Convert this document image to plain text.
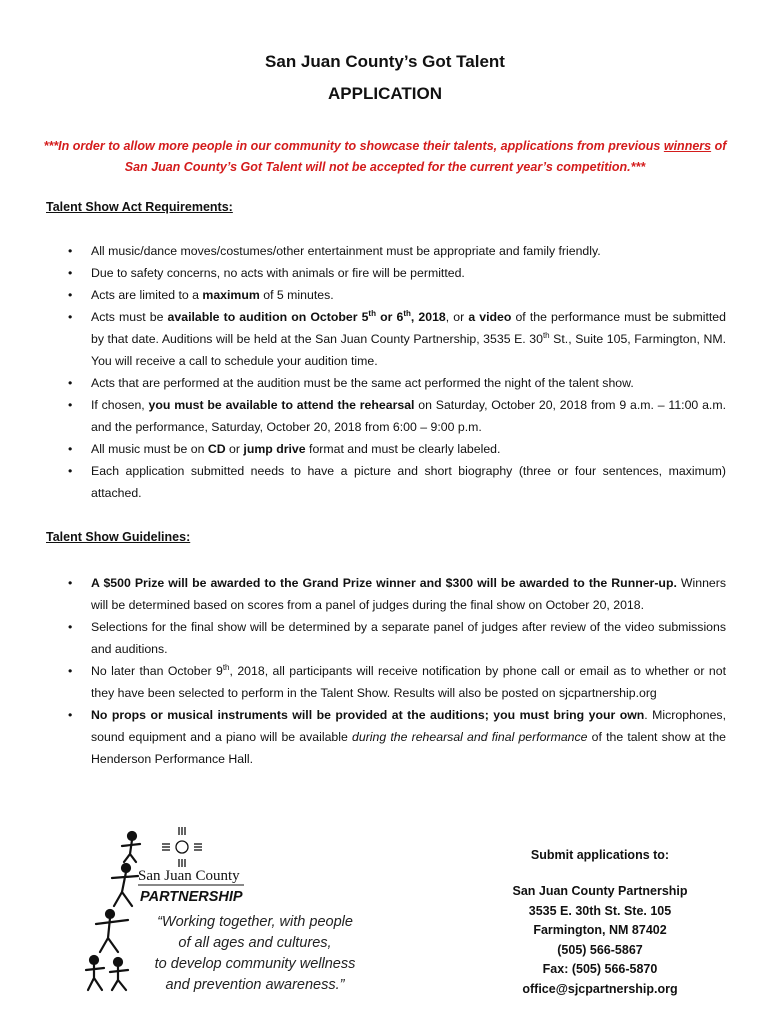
San Juan County’s Got Talent
APPLICATION
***In order to allow more people in our community to showcase their talents, applications from previous winners of San Juan County’s Got Talent will not be accepted for the current year’s competition.***
Talent Show Act Requirements:
• All music/dance moves/costumes/other entertainment must be appropriate and family friendly.
• Due to safety concerns, no acts with animals or fire will be permitted.
• Acts are limited to a maximum of 5 minutes.
• Acts must be available to audition on October 5th or 6th, 2018, or a video of the performance must be submitted by that date. Auditions will be held at the San Juan County Partnership, 3535 E. 30th St., Suite 105, Farmington, NM. You will receive a call to schedule your audition time.
• Acts that are performed at the audition must be the same act performed the night of the talent show.
• If chosen, you must be available to attend the rehearsal on Saturday, October 20, 2018 from 9 a.m. – 11:00 a.m. and the performance, Saturday, October 20, 2018 from 6:00 – 9:00 p.m.
• All music must be on CD or jump drive format and must be clearly labeled.
• Each application submitted needs to have a picture and short biography (three or four sentences, maximum) attached.
Talent Show Guidelines:
• A $500 Prize will be awarded to the Grand Prize winner and $300 will be awarded to the Runner-up. Winners will be determined based on scores from a panel of judges during the final show on October 20, 2018.
• Selections for the final show will be determined by a separate panel of judges after review of the video submissions and auditions.
• No later than October 9th, 2018, all participants will receive notification by phone call or email as to whether or not they have been selected to perform in the Talent Show. Results will also be posted on sjcpartnership.org
• No props or musical instruments will be provided at the auditions; you must bring your own. Microphones, sound equipment and a piano will be available during the rehearsal and final performance of the talent show at the Henderson Performance Hall.
San Juan County
PARTNERSHIP
“Working together, with people
of all ages and cultures,
to develop community wellness
and prevention awareness.”
Submit applications to:
San Juan County Partnership
3535 E. 30th St. Ste. 105
Farmington, NM 87402
(505) 566-5867
Fax: (505) 566-5870
office@sjcpartnership.org
